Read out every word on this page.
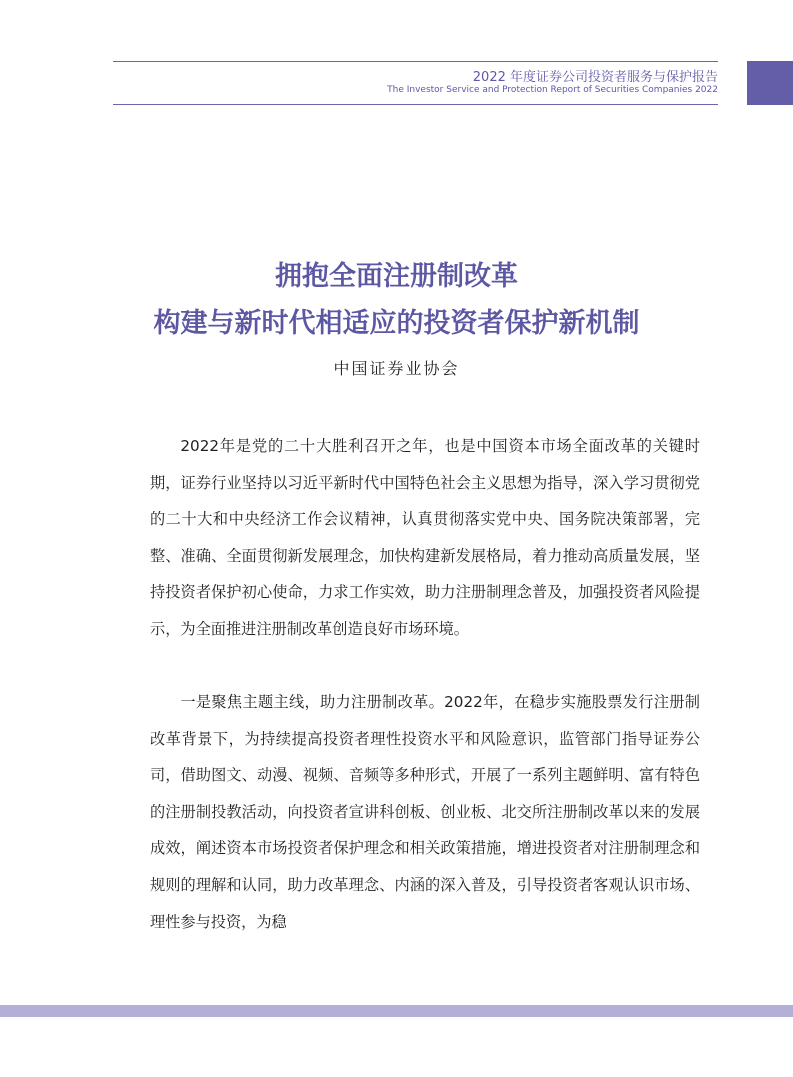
2022 年度证券公司投资者服务与保护报告
The Investor Service and Protection Report of Securities Companies 2022
拥抱全面注册制改革
构建与新时代相适应的投资者保护新机制
中国证券业协会

2022年是党的二十大胜利召开之年，也是中国资本市场全面改革的关键时期，证券行业坚持以习近平新时代中国特色社会主义思想为指导，深入学习贯彻党的二十大和中央经济工作会议精神，认真贯彻落实党中央、国务院决策部署，完整、准确、全面贯彻新发展理念，加快构建新发展格局，着力推动高质量发展，坚持投资者保护初心使命，力求工作实效，助力注册制理念普及，加强投资者风险提示，为全面推进注册制改革创造良好市场环境。

一是聚焦主题主线，助力注册制改革。2022年，在稳步实施股票发行注册制改革背景下，为持续提高投资者理性投资水平和风险意识，监管部门指导证券公司，借助图文、动漫、视频、音频等多种形式，开展了一系列主题鲜明、富有特色的注册制投教活动，向投资者宣讲科创板、创业板、北交所注册制改革以来的发展成效，阐述资本市场投资者保护理念和相关政策措施，增进投资者对注册制理念和规则的理解和认同，助力改革理念、内涵的深入普及，引导投资者客观认识市场、理性参与投资，为稳
